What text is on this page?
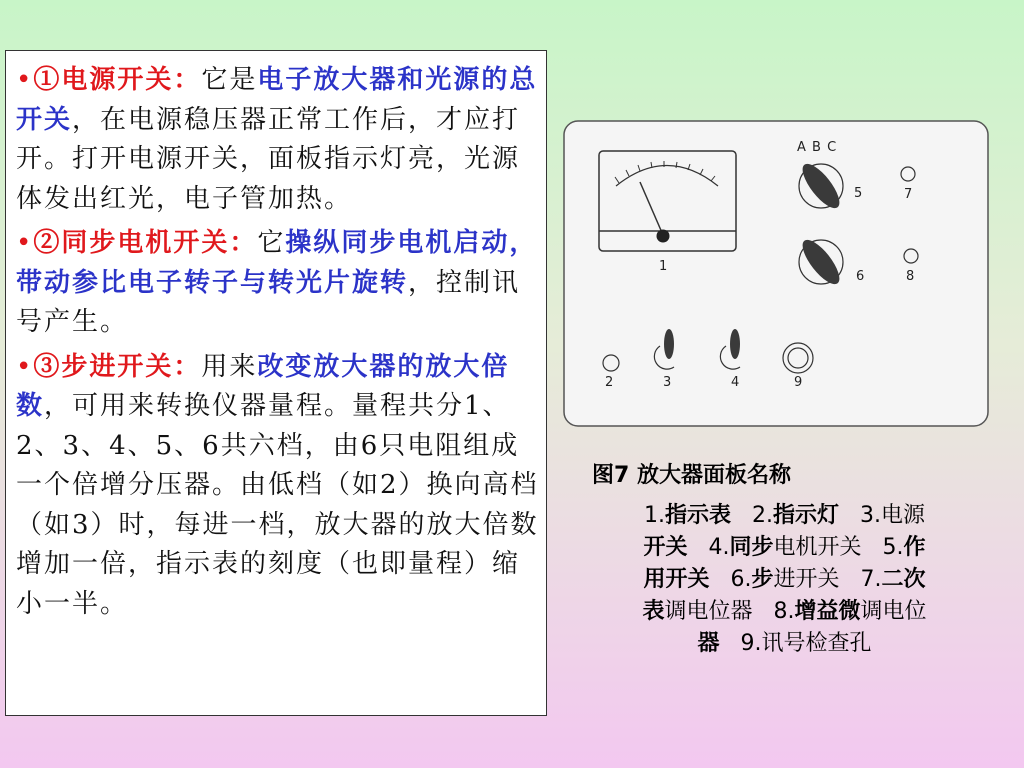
•①电源开关：它是电子放大器和光源的总开关，在电源稳压器正常工作后，才应打开。打开电源开关，面板指示灯亮，光源体发出红光，电子管加热。

•②同步电机开关：它操纵同步电机启动，带动参比电子转子与转光片旋转，控制讯号产生。

•③步进开关：用来改变放大器的放大倍数，可用来转换仪器量程。量程共分1、2、3、4、5、6共六档，由6只电阻组成一个倍增分压器。由低档（如2）换向高档（如3）时，每进一档，放大器的放大倍数增加一倍，指示表的刻度（也即量程）缩小一半。

A B C
1
2	3	4
5
6
7
8
9
图7 放大器面板名称
1.指示表 2.指示灯 3.电源
开关 4.同步电机开关 5.作
用开关 6.步进开关 7.二次
表调电位器 8.增益微调电位
器 9.讯号检查孔
